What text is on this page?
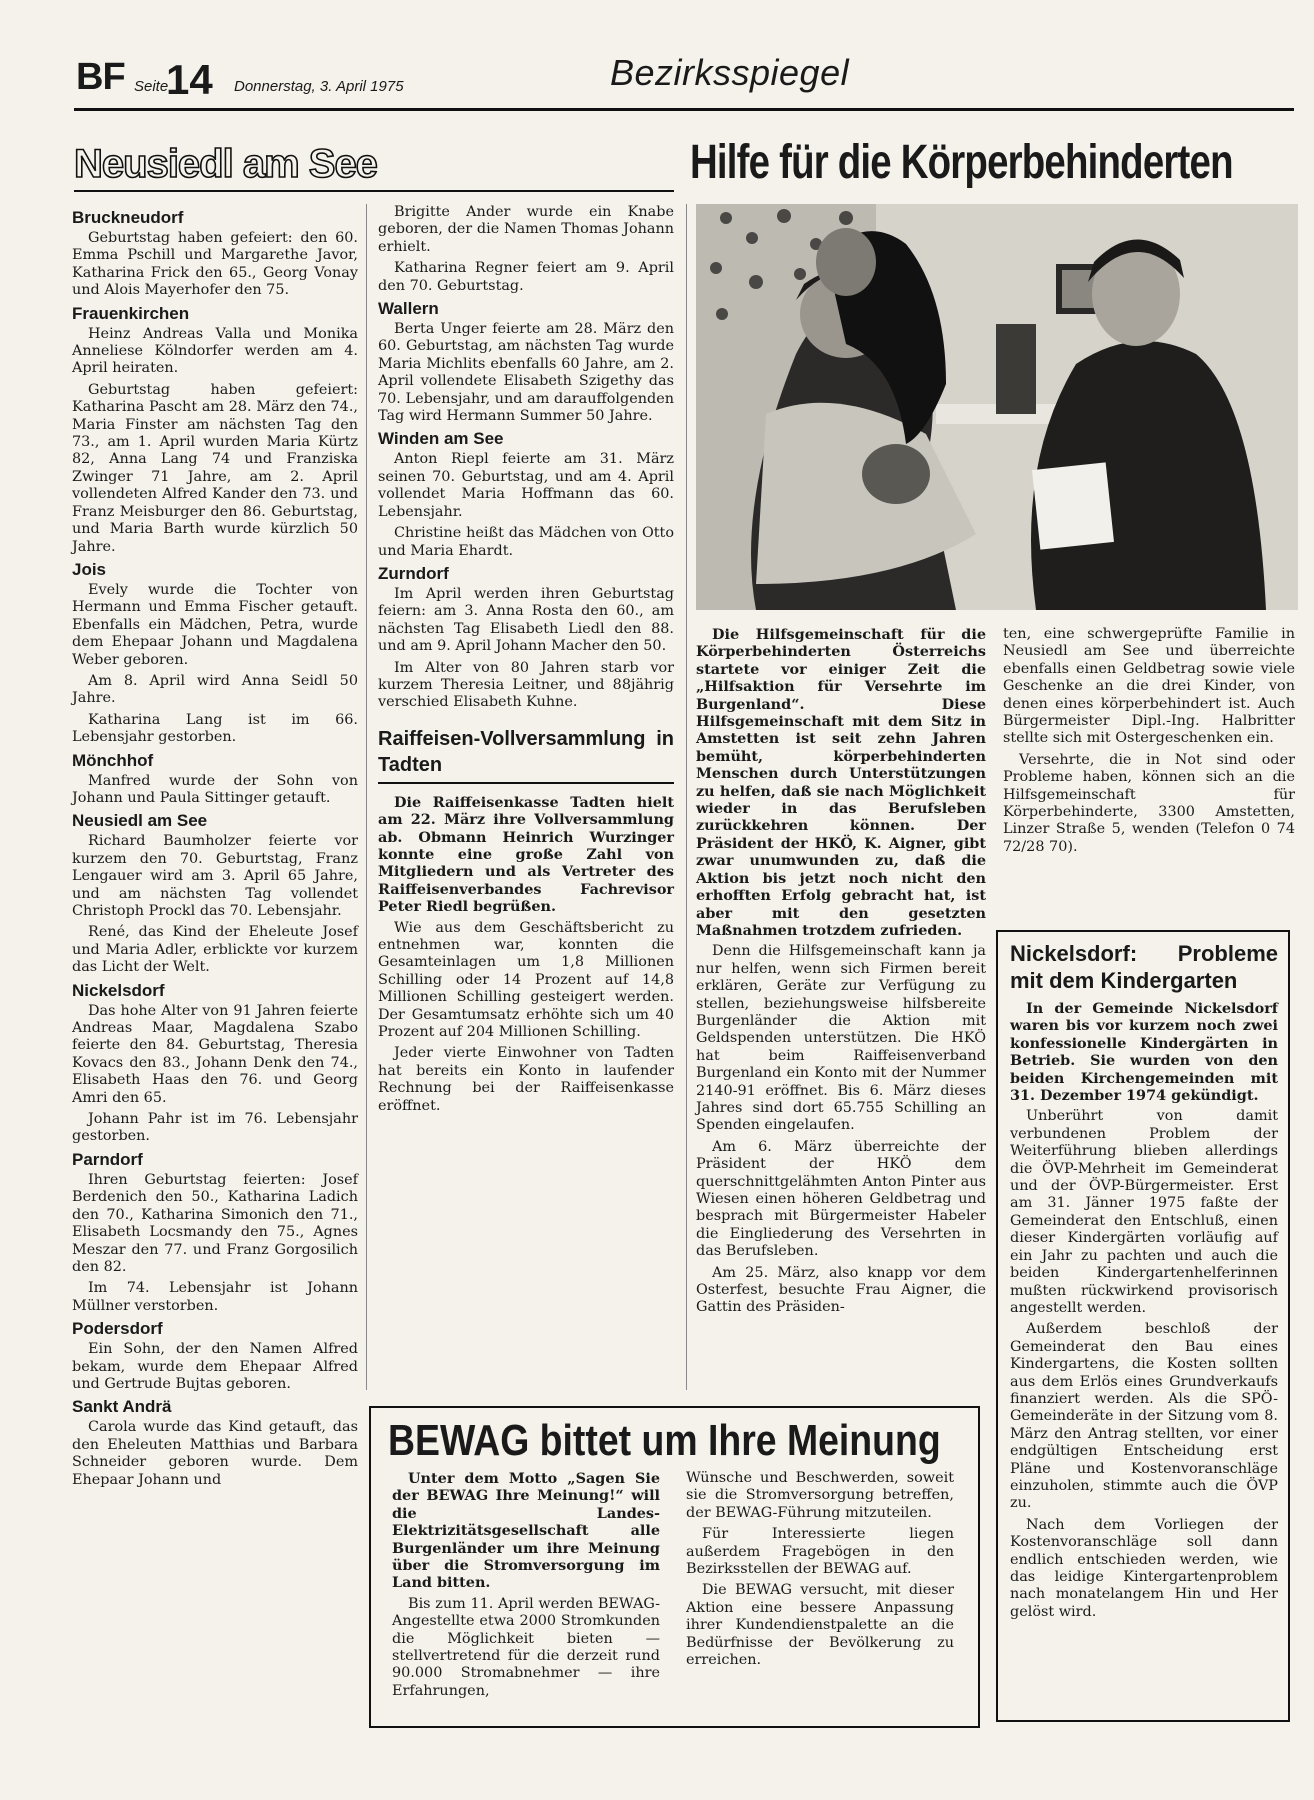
BF Seite
14 Donnerstag, 3. April 1975	Bezirksspiegel
Neusiedl am See
Bruckneudorf

Geburtstag haben gefeiert: den 60. Emma Pschill und Margarethe Javor, Katharina Frick den 65., Georg Vonay und Alois Mayerhofer den 75.

Frauenkirchen

Heinz Andreas Valla und Monika Anneliese Kölndorfer werden am 4. April heiraten.

Geburtstag haben gefeiert: Katharina Pascht am 28. März den 74., Maria Finster am nächsten Tag den 73., am 1. April wurden Maria Kürtz 82, Anna Lang 74 und Franziska Zwinger 71 Jahre, am 2. April vollendeten Alfred Kander den 73. und Franz Meisburger den 86. Geburtstag, und Maria Barth wurde kürzlich 50 Jahre.

Jois

Evely wurde die Tochter von Hermann und Emma Fischer getauft. Ebenfalls ein Mädchen, Petra, wurde dem Ehepaar Johann und Magdalena Weber geboren.

Am 8. April wird Anna Seidl 50 Jahre.

Katharina Lang ist im 66. Lebensjahr gestorben.

Mönchhof

Manfred wurde der Sohn von Johann und Paula Sittinger getauft.

Neusiedl am See

Richard Baumholzer feierte vor kurzem den 70. Geburtstag, Franz Lengauer wird am 3. April 65 Jahre, und am nächsten Tag vollendet Christoph Prockl das 70. Lebensjahr.

René, das Kind der Eheleute Josef und Maria Adler, erblickte vor kurzem das Licht der Welt.

Nickelsdorf

Das hohe Alter von 91 Jahren feierte Andreas Maar, Magdalena Szabo feierte den 84. Geburtstag, Theresia Kovacs den 83., Johann Denk den 74., Elisabeth Haas den 76. und Georg Amri den 65.

Johann Pahr ist im 76. Lebensjahr gestorben.

Parndorf

Ihren Geburtstag feierten: Josef Berdenich den 50., Katharina Ladich den 70., Katharina Simonich den 71., Elisabeth Locsmandy den 75., Agnes Meszar den 77. und Franz Gorgosilich den 82.

Im 74. Lebensjahr ist Johann Müllner verstorben.

Podersdorf

Ein Sohn, der den Namen Alfred bekam, wurde dem Ehepaar Alfred und Gertrude Bujtas geboren.

Sankt Andrä

Carola wurde das Kind getauft, das den Eheleuten Matthias und Barbara Schneider geboren wurde. Dem Ehepaar Johann und

Brigitte Ander wurde ein Knabe geboren, der die Namen Thomas Johann erhielt.

Katharina Regner feiert am 9. April den 70. Geburtstag.

Wallern

Berta Unger feierte am 28. März den 60. Geburtstag, am nächsten Tag wurde Maria Michlits ebenfalls 60 Jahre, am 2. April vollendete Elisabeth Szigethy das 70. Lebensjahr, und am darauffolgenden Tag wird Hermann Summer 50 Jahre.

Winden am See

Anton Riepl feierte am 31. März seinen 70. Geburtstag, und am 4. April vollendet Maria Hoffmann das 60. Lebensjahr.

Christine heißt das Mädchen von Otto und Maria Ehardt.

Zurndorf

Im April werden ihren Geburtstag feiern: am 3. Anna Rosta den 60., am nächsten Tag Elisabeth Liedl den 88. und am 9. April Johann Macher den 50.

Im Alter von 80 Jahren starb vor kurzem Theresia Leitner, und 88jährig verschied Elisabeth Kuhne.

Raiffeisen-Vollversammlung in Tadten

Die Raiffeisenkasse Tadten hielt am 22. März ihre Vollversammlung ab. Obmann Heinrich Wurzinger konnte eine große Zahl von Mitgliedern und als Vertreter des Raiffeisenverbandes Fachrevisor Peter Riedl begrüßen.

Wie aus dem Geschäftsbericht zu entnehmen war, konnten die Gesamteinlagen um 1,8 Millionen Schilling oder 14 Prozent auf 14,8 Millionen Schilling gesteigert werden. Der Gesamtumsatz erhöhte sich um 40 Prozent auf 204 Millionen Schilling.

Jeder vierte Einwohner von Tadten hat bereits ein Konto in laufender Rechnung bei der Raiffeisenkasse eröffnet.

Hilfe für die Körperbehinderten

Die Hilfsgemeinschaft für die Körperbehinderten Österreichs startete vor einiger Zeit die „Hilfsaktion für Versehrte im Burgenland“. Diese Hilfsgemeinschaft mit dem Sitz in Amstetten ist seit zehn Jahren bemüht, körperbehinderten Menschen durch Unterstützungen zu helfen, daß sie nach Möglichkeit wieder in das Berufsleben zurückkehren können. Der Präsident der HKÖ, K. Aigner, gibt zwar unumwunden zu, daß die Aktion bis jetzt noch nicht den erhofften Erfolg gebracht hat, ist aber mit den gesetzten Maßnahmen trotzdem zufrieden.

Denn die Hilfsgemeinschaft kann ja nur helfen, wenn sich Firmen bereit erklären, Geräte zur Verfügung zu stellen, beziehungsweise hilfsbereite Burgenländer die Aktion mit Geldspenden unterstützen. Die HKÖ hat beim Raiffeisenverband Burgenland ein Konto mit der Nummer 2140-91 eröffnet. Bis 6. März dieses Jahres sind dort 65.755 Schilling an Spenden eingelaufen.

Am 6. März überreichte der Präsident der HKÖ dem querschnittgelähmten Anton Pinter aus Wiesen einen höheren Geldbetrag und besprach mit Bürgermeister Habeler die Eingliederung des Versehrten in das Berufsleben.

Am 25. März, also knapp vor dem Osterfest, besuchte Frau Aigner, die Gattin des Präsiden-

ten, eine schwergeprüfte Familie in Neusiedl am See und überreichte ebenfalls einen Geldbetrag sowie viele Geschenke an die drei Kinder, von denen eines körperbehindert ist. Auch Bürgermeister Dipl.-Ing. Halbritter stellte sich mit Ostergeschenken ein.

Versehrte, die in Not sind oder Probleme haben, können sich an die Hilfsgemeinschaft für Körperbehinderte, 3300 Amstetten, Linzer Straße 5, wenden (Telefon 0 74 72/28 70).

Nickelsdorf: Probleme mit dem Kindergarten

In der Gemeinde Nickelsdorf waren bis vor kurzem noch zwei konfessionelle Kindergärten in Betrieb. Sie wurden von den beiden Kirchengemeinden mit 31. Dezember 1974 gekündigt.

Unberührt von damit verbundenen Problem der Weiterführung blieben allerdings die ÖVP-Mehrheit im Gemeinderat und der ÖVP-Bürgermeister. Erst am 31. Jänner 1975 faßte der Gemeinderat den Entschluß, einen dieser Kindergärten vorläufig auf ein Jahr zu pachten und auch die beiden Kindergartenhelferinnen mußten rückwirkend provisorisch angestellt werden.

Außerdem beschloß der Gemeinderat den Bau eines Kindergartens, die Kosten sollten aus dem Erlös eines Grundverkaufs finanziert werden. Als die SPÖ-Gemeinderäte in der Sitzung vom 8. März den Antrag stellten, vor einer endgültigen Entscheidung erst Pläne und Kostenvoranschläge einzuholen, stimmte auch die ÖVP zu.

Nach dem Vorliegen der Kostenvoranschläge soll dann endlich entschieden werden, wie das leidige Kintergartenproblem nach monatelangem Hin und Her gelöst wird.

BEWAG bittet um Ihre Meinung

Unter dem Motto „Sagen Sie der BEWAG Ihre Meinung!“ will die Landes-Elektrizitätsgesellschaft alle Burgenländer um ihre Meinung über die Stromversorgung im Land bitten.

Bis zum 11. April werden BEWAG-Angestellte etwa 2000 Stromkunden die Möglichkeit bieten — stellvertretend für die derzeit rund 90.000 Stromabnehmer — ihre Erfahrungen,

Wünsche und Beschwerden, soweit sie die Stromversorgung betreffen, der BEWAG-Führung mitzuteilen.

Für Interessierte liegen außerdem Fragebögen in den Bezirksstellen der BEWAG auf.

Die BEWAG versucht, mit dieser Aktion eine bessere Anpassung ihrer Kundendienstpalette an die Bedürfnisse der Bevölkerung zu erreichen.
